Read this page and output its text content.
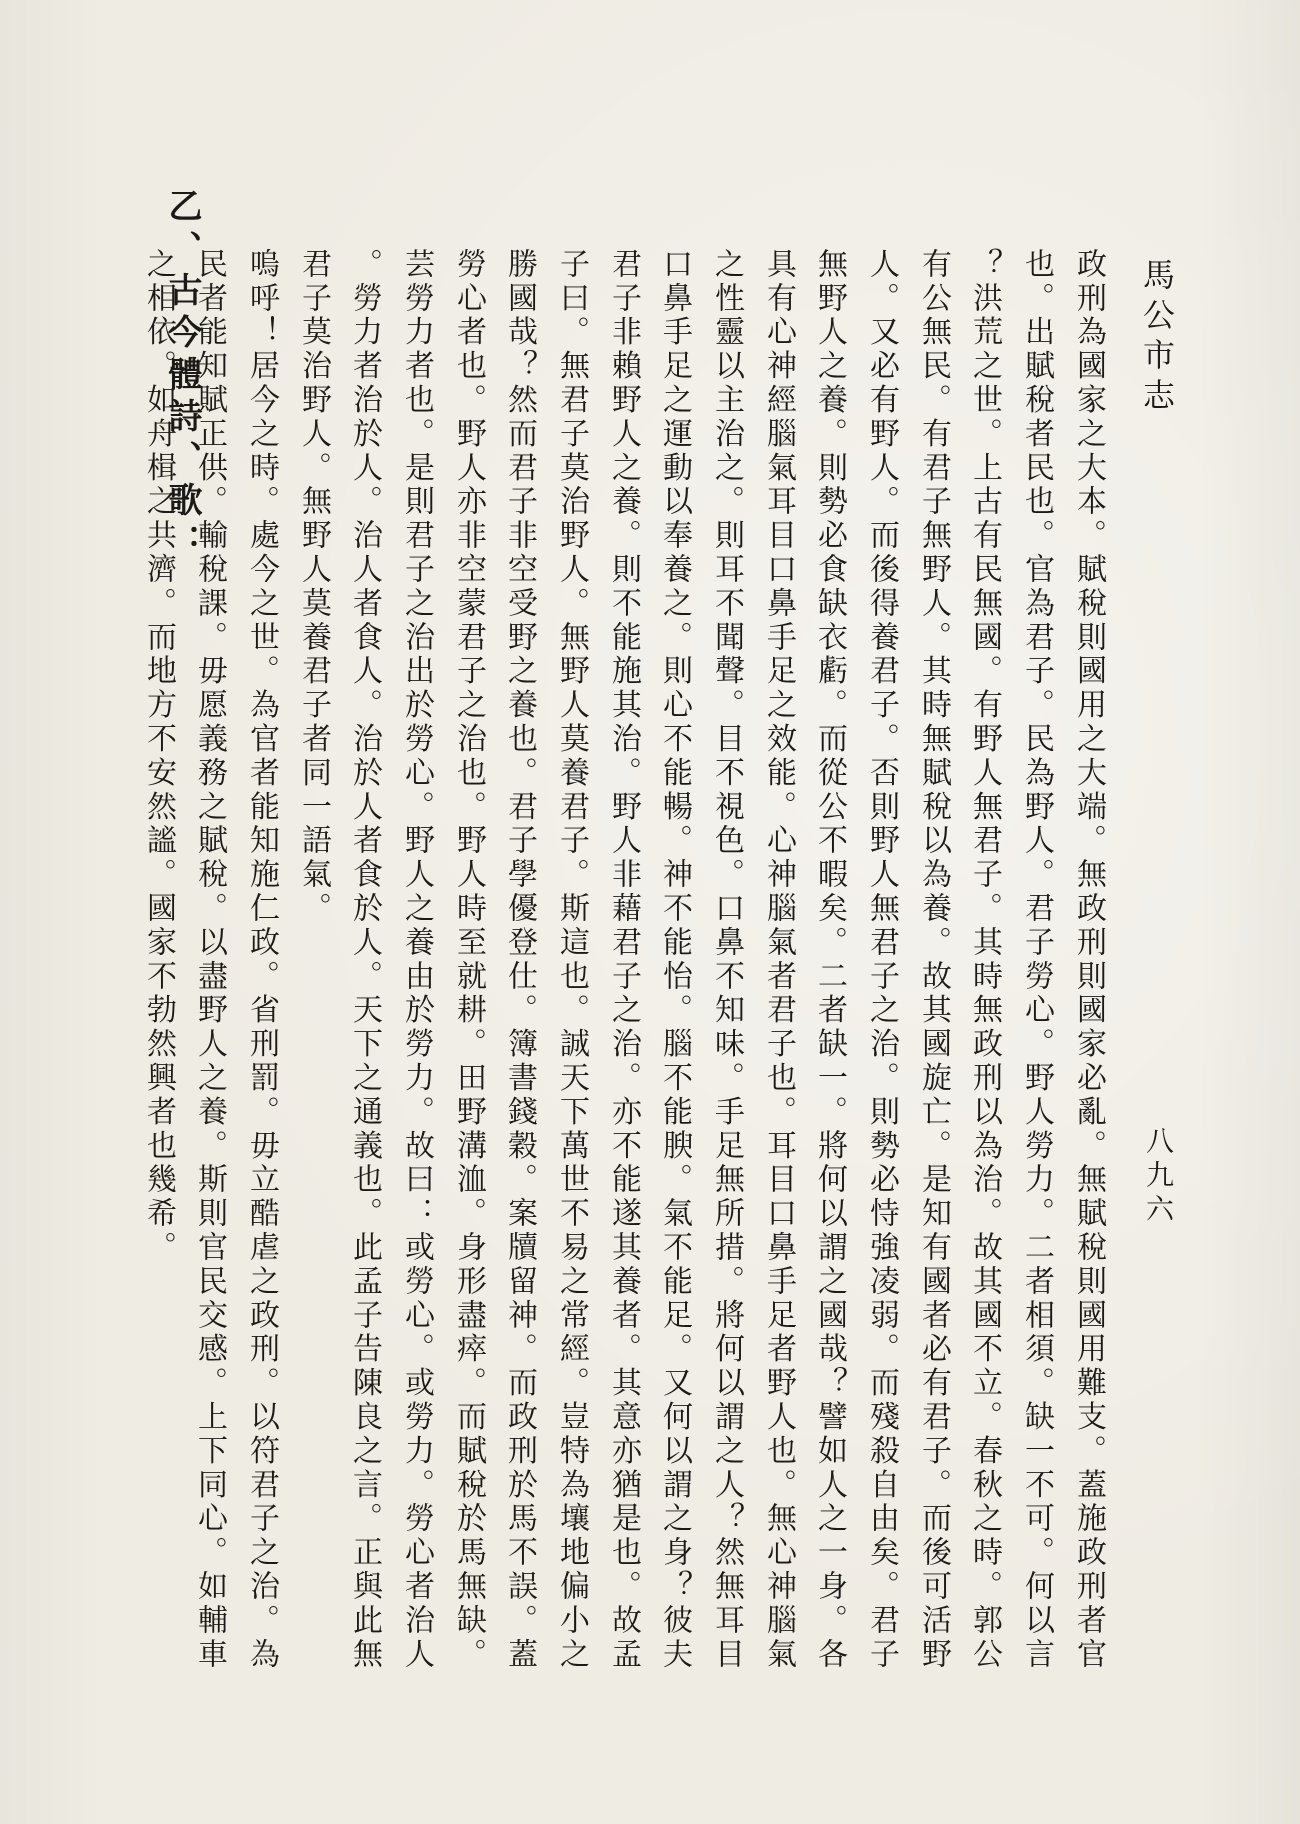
馬公市志
八九六
政刑為國家之大本。賦稅則國用之大端。無政刑則國家必亂。無賦稅則國用難支。蓋施政刑者官
也。出賦稅者民也。官為君子。民為野人。君子勞心。野人勞力。二者相須。缺一不可。何以言
？洪荒之世。上古有民無國。有野人無君子。其時無政刑以為治。故其國不立。春秋之時。郭公
有公無民。有君子無野人。其時無賦稅以為養。故其國旋亡。是知有國者必有君子。而後可活野
人。又必有野人。而後得養君子。否則野人無君子之治。則勢必恃強凌弱。而殘殺自由矣。君子
無野人之養。則勢必食缺衣虧。而從公不暇矣。二者缺一。將何以謂之國哉？譬如人之一身。各
具有心神經腦氣耳目口鼻手足之效能。心神腦氣者君子也。耳目口鼻手足者野人也。無心神腦氣
之性靈以主治之。則耳不聞聲。目不視色。口鼻不知味。手足無所措。將何以謂之人？然無耳目
口鼻手足之運動以奉養之。則心不能暢。神不能怡。腦不能腴。氣不能足。又何以謂之身？彼夫
君子非賴野人之養。則不能施其治。野人非藉君子之治。亦不能遂其養者。其意亦猶是也。故孟
子曰。無君子莫治野人。無野人莫養君子。斯這也。誠天下萬世不易之常經。豈特為壤地偏小之
勝國哉？然而君子非空受野之養也。君子學優登仕。簿書錢穀。案牘留神。而政刑於馬不誤。蓋
勞心者也。野人亦非空蒙君子之治也。野人時至就耕。田野溝洫。身形盡瘁。而賦稅於馬無缺。
芸勞力者也。是則君子之治出於勞心。野人之養由於勞力。故曰：或勞心。或勞力。勞心者治人
。勞力者治於人。治人者食人。治於人者食於人。天下之通義也。此孟子告陳良之言。正與此無
君子莫治野人。無野人莫養君子者同一語氣。
嗚呼！居今之時。處今之世。為官者能知施仁政。省刑罰。毋立酷虐之政刑。以符君子之治。為
民者能知賦正供。輸稅課。毋愿義務之賦稅。以盡野人之養。斯則官民交感。上下同心。如輔車
之相依。如舟楫之共濟。而地方不安然謐。國家不勃然興者也幾希。
乙、古今體詩、歌：
